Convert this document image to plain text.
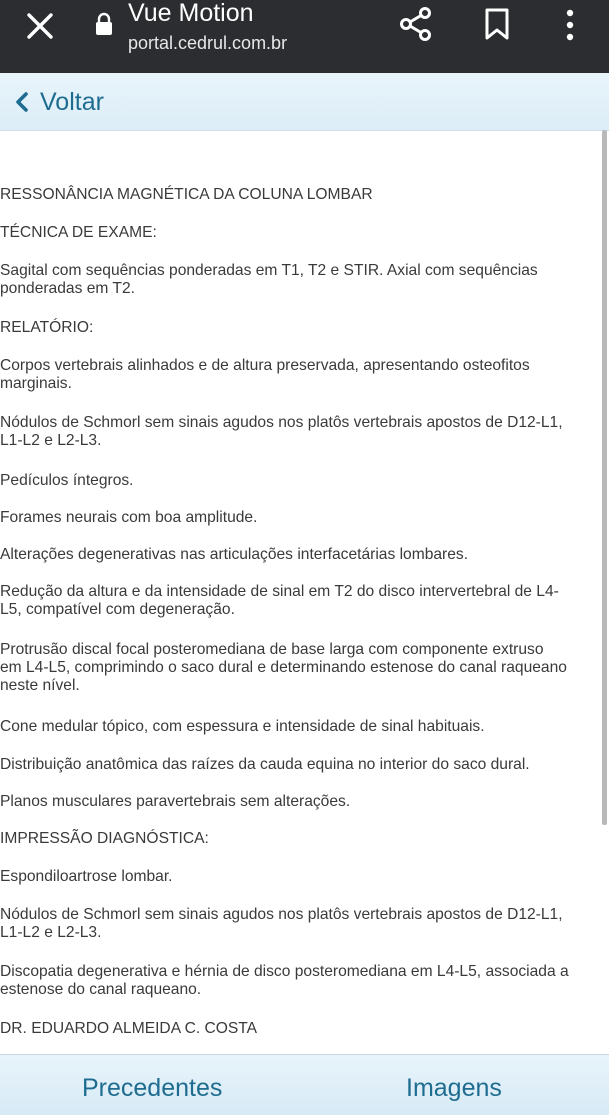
Vue Motion
portal.cedrul.com.br
Voltar
RESSONÂNCIA MAGNÉTICA DA COLUNA LOMBAR
TÉCNICA DE EXAME:
Sagital com sequências ponderadas em T1, T2 e STIR. Axial com sequências
ponderadas em T2.
RELATÓRIO:
Corpos vertebrais alinhados e de altura preservada, apresentando osteofitos
marginais.
Nódulos de Schmorl sem sinais agudos nos platôs vertebrais apostos de D12-L1,
L1-L2 e L2-L3.
Pedículos íntegros.
Forames neurais com boa amplitude.
Alterações degenerativas nas articulações interfacetárias lombares.
Redução da altura e da intensidade de sinal em T2 do disco intervertebral de L4-
L5, compatível com degeneração.
Protrusão discal focal posteromediana de base larga com componente extruso
em L4-L5, comprimindo o saco dural e determinando estenose do canal raqueano
neste nível.
Cone medular tópico, com espessura e intensidade de sinal habituais.
Distribuição anatômica das raízes da cauda equina no interior do saco dural.
Planos musculares paravertebrais sem alterações.
IMPRESSÃO DIAGNÓSTICA:
Espondiloartrose lombar.
Nódulos de Schmorl sem sinais agudos nos platôs vertebrais apostos de D12-L1,
L1-L2 e L2-L3.
Discopatia degenerativa e hérnia de disco posteromediana em L4-L5, associada a
estenose do canal raqueano.
DR. EDUARDO ALMEIDA C. COSTA
Precedentes	Imagens
